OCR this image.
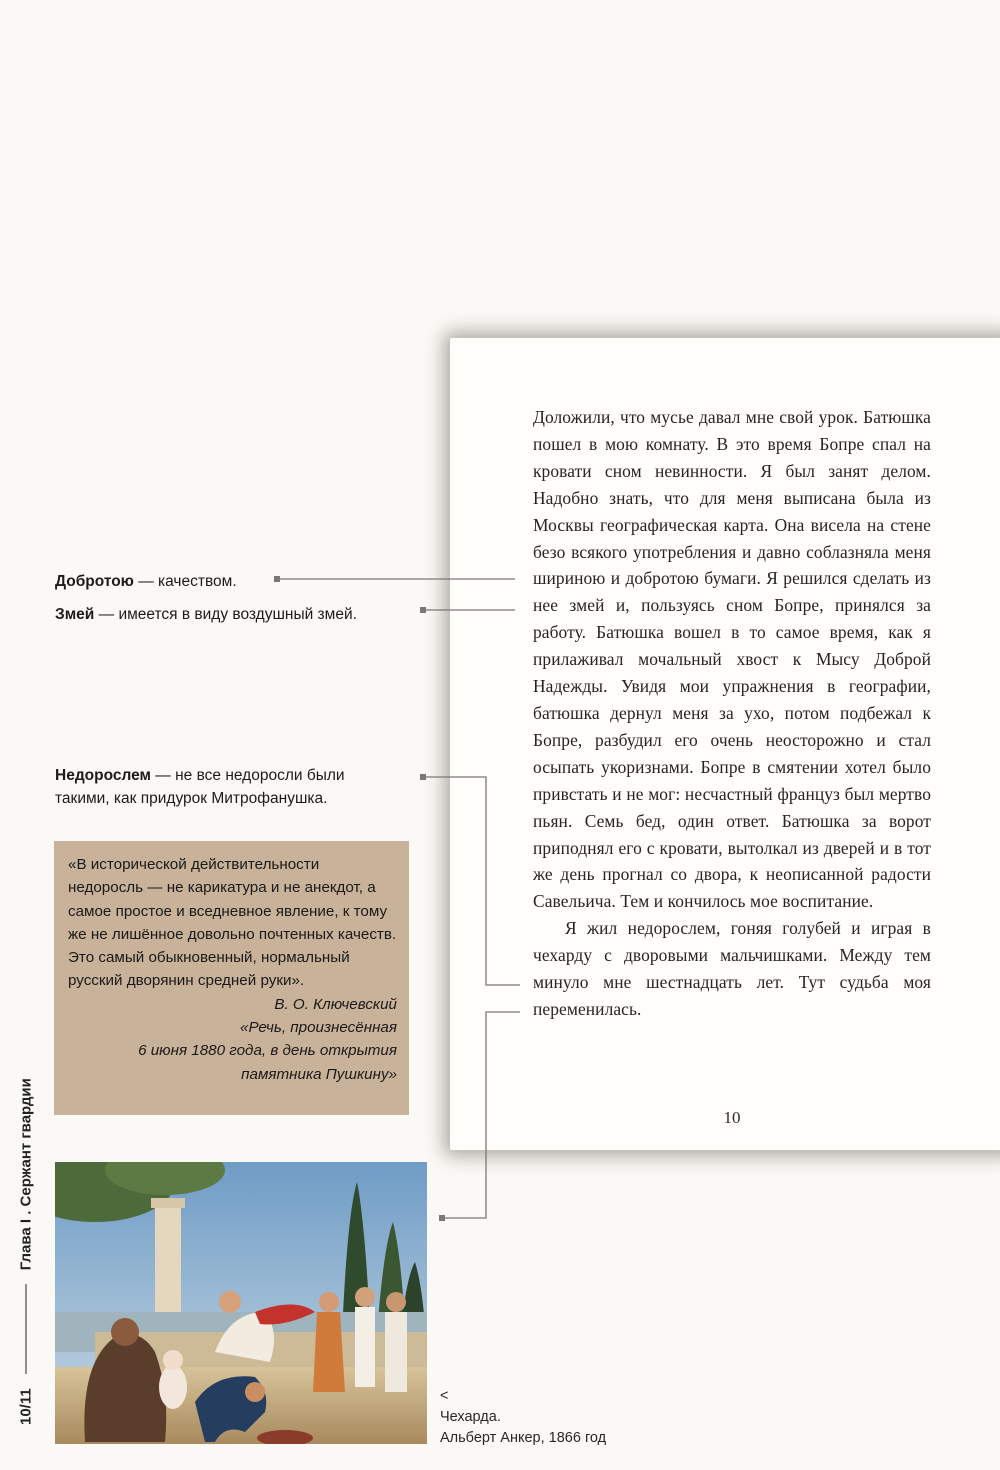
Доложили, что мусье давал мне свой урок. Батюшка пошел в мою комнату. В это время Бопре спал на кровати сном невинности. Я был занят делом. Надобно знать, что для меня выписана была из Москвы географическая карта. Она висела на стене безо всякого употребления и давно соблазняла меня шириною и добротою бумаги. Я решился сделать из нее змей и, пользуясь сном Бопре, принялся за работу. Батюшка вошел в то самое время, как я прилаживал мочальный хвост к Мысу Доброй Надежды. Увидя мои упражнения в географии, батюшка дернул меня за ухо, потом подбежал к Бопре, разбудил его очень неосторожно и стал осыпать укоризнами. Бопре в смятении хотел было привстать и не мог: несчастный француз был мертво пьян. Семь бед, один ответ. Батюшка за ворот приподнял его с кровати, вытолкал из дверей и в тот же день прогнал со двора, к неописанной радости Савельича. Тем и кончилось мое воспитание.

Я жил недорослем, гоняя голубей и играя в чехарду с дворовыми мальчишками. Между тем минуло мне шестнадцать лет. Тут судьба моя переменилась.

10
Добротою — качеством.
Змей — имеется в виду воздушный змей.
Недорослем — не все недоросли были
такими, как придурок Митрофанушка.

«В исторической действительности недоросль — не карикатура и не анекдот, а самое простое и вседневное явление, к тому же не лишённое довольно почтенных качеств. Это самый обыкновенный, нормальный русский дворянин средней руки».

В. О. Ключевский

«Речь, произнесённая

6 июня 1880 года, в день открытия

памятника Пушкину»

10/11
Глава I . Сержант гвардии
<
Чехарда.
Альберт Анкер, 1866 год
